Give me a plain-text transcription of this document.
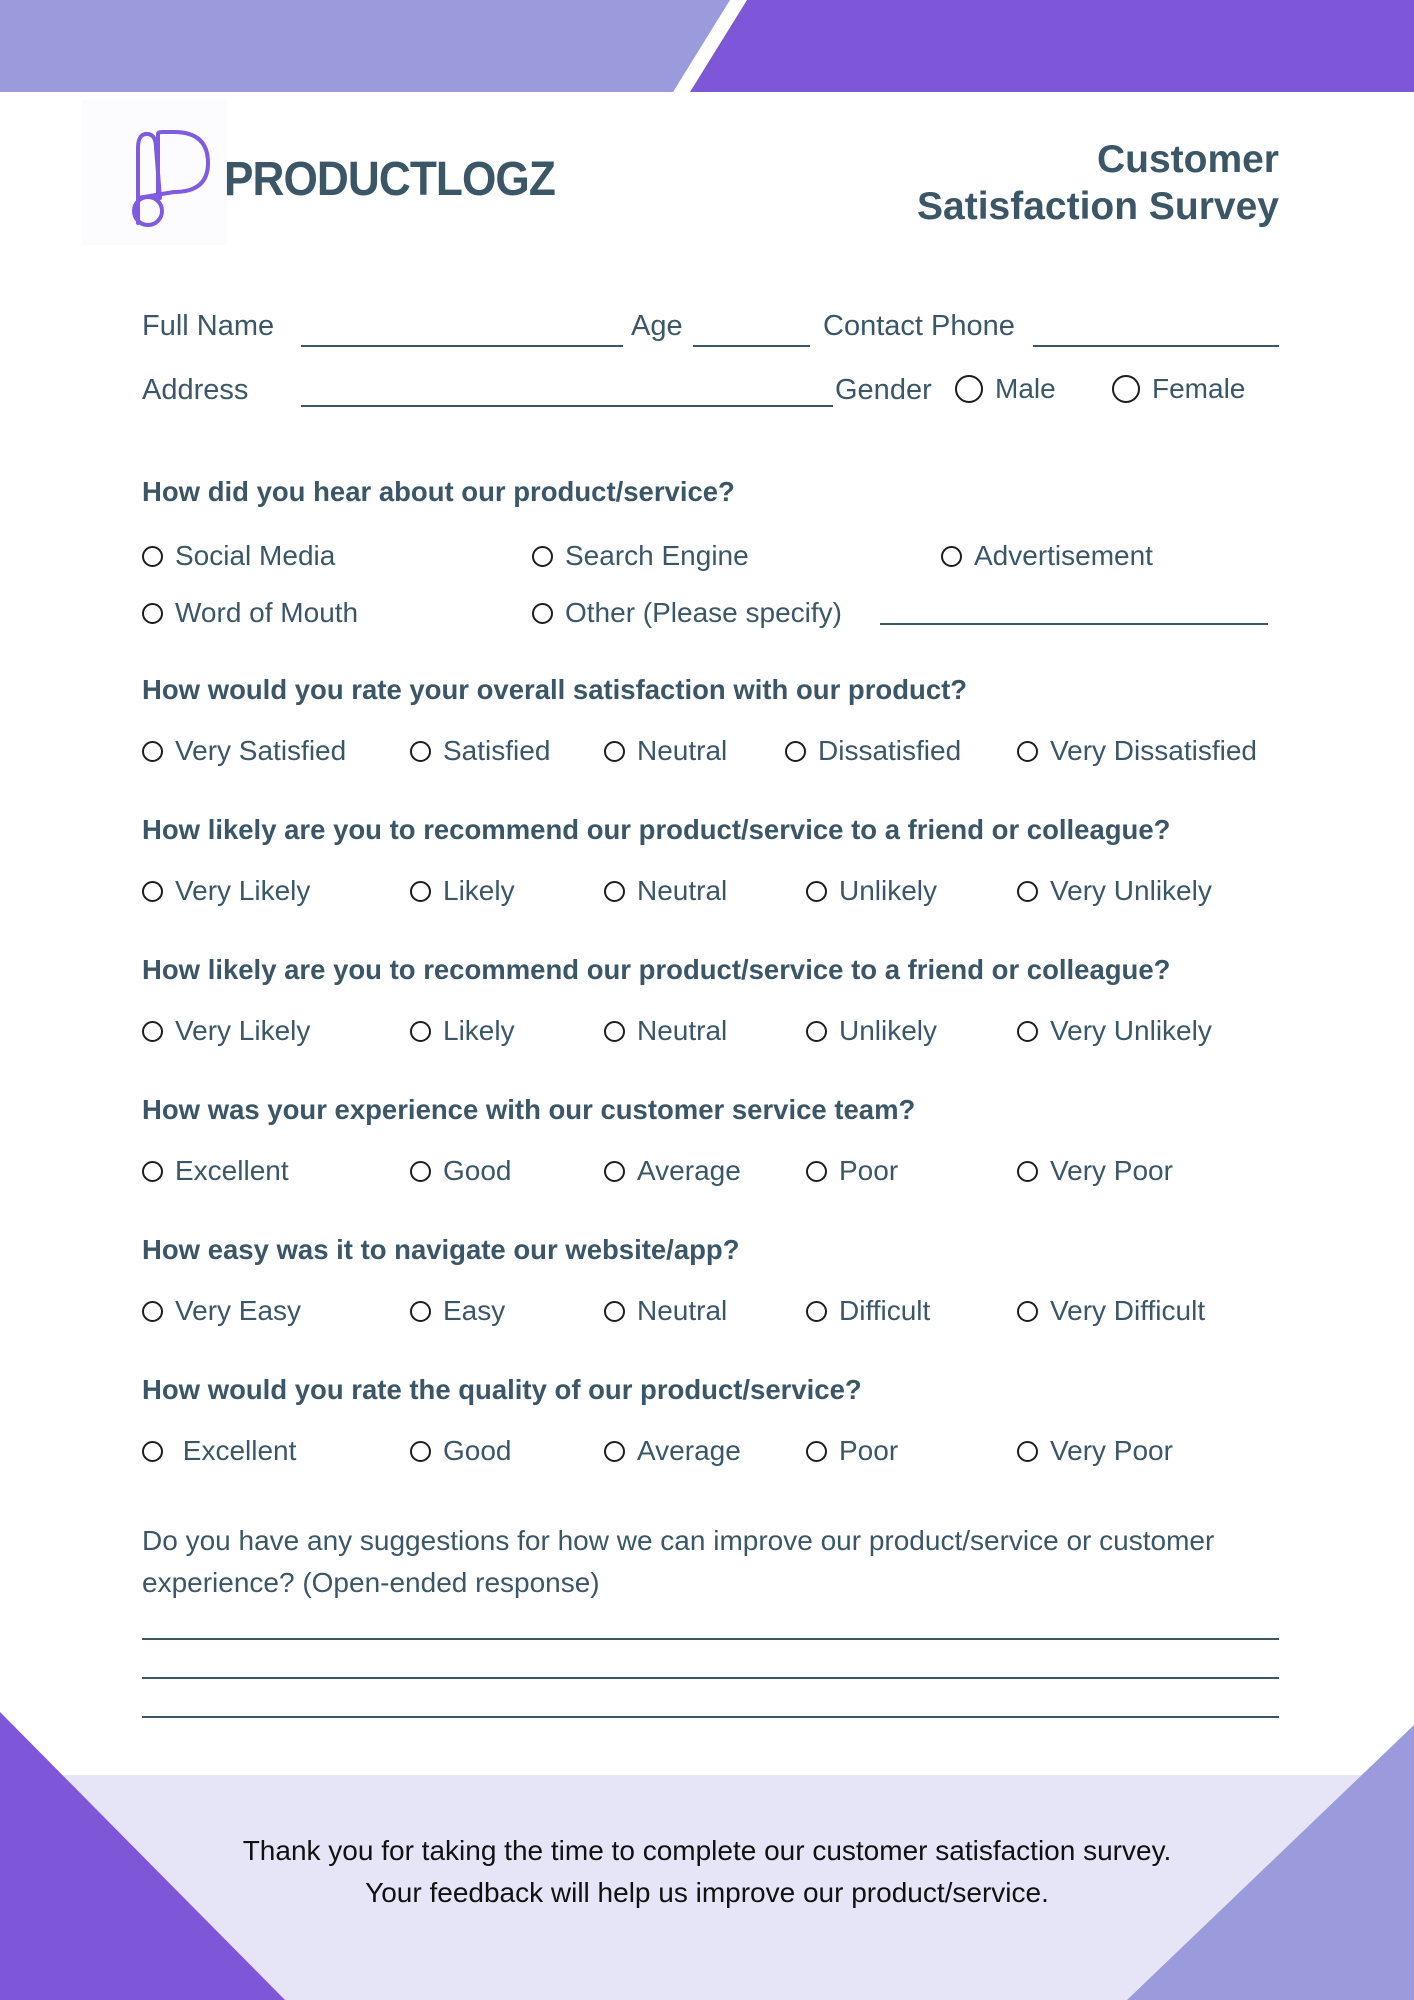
PRODUCTLOGZ	Customer
Satisfaction Survey
Full Name	Age	Contact Phone
Address	Gender Male	Female
How did you hear about our product/service?
Social Media	Search Engine	Advertisement
Word of Mouth	Other (Please specify)
How would you rate your overall satisfaction with our product?
Very Satisfied	Satisfied	Neutral	Dissatisfied	Very Dissatisfied
How likely are you to recommend our product/service to a friend or colleague?
Very Likely	Likely	Neutral	Unlikely	Very Unlikely
How likely are you to recommend our product/service to a friend or colleague?
Very Likely	Likely	Neutral	Unlikely	Very Unlikely
How was your experience with our customer service team?
Excellent	Good	Average	Poor	Very Poor
How easy was it to navigate our website/app?
Very Easy	Easy	Neutral	Difficult	Very Difficult
How would you rate the quality of our product/service?
Excellent	Good	Average	Poor	Very Poor
Do you have any suggestions for how we can improve our product/service or customer experience? (Open-ended response)
Thank you for taking the time to complete our customer satisfaction survey.
Your feedback will help us improve our product/service.
